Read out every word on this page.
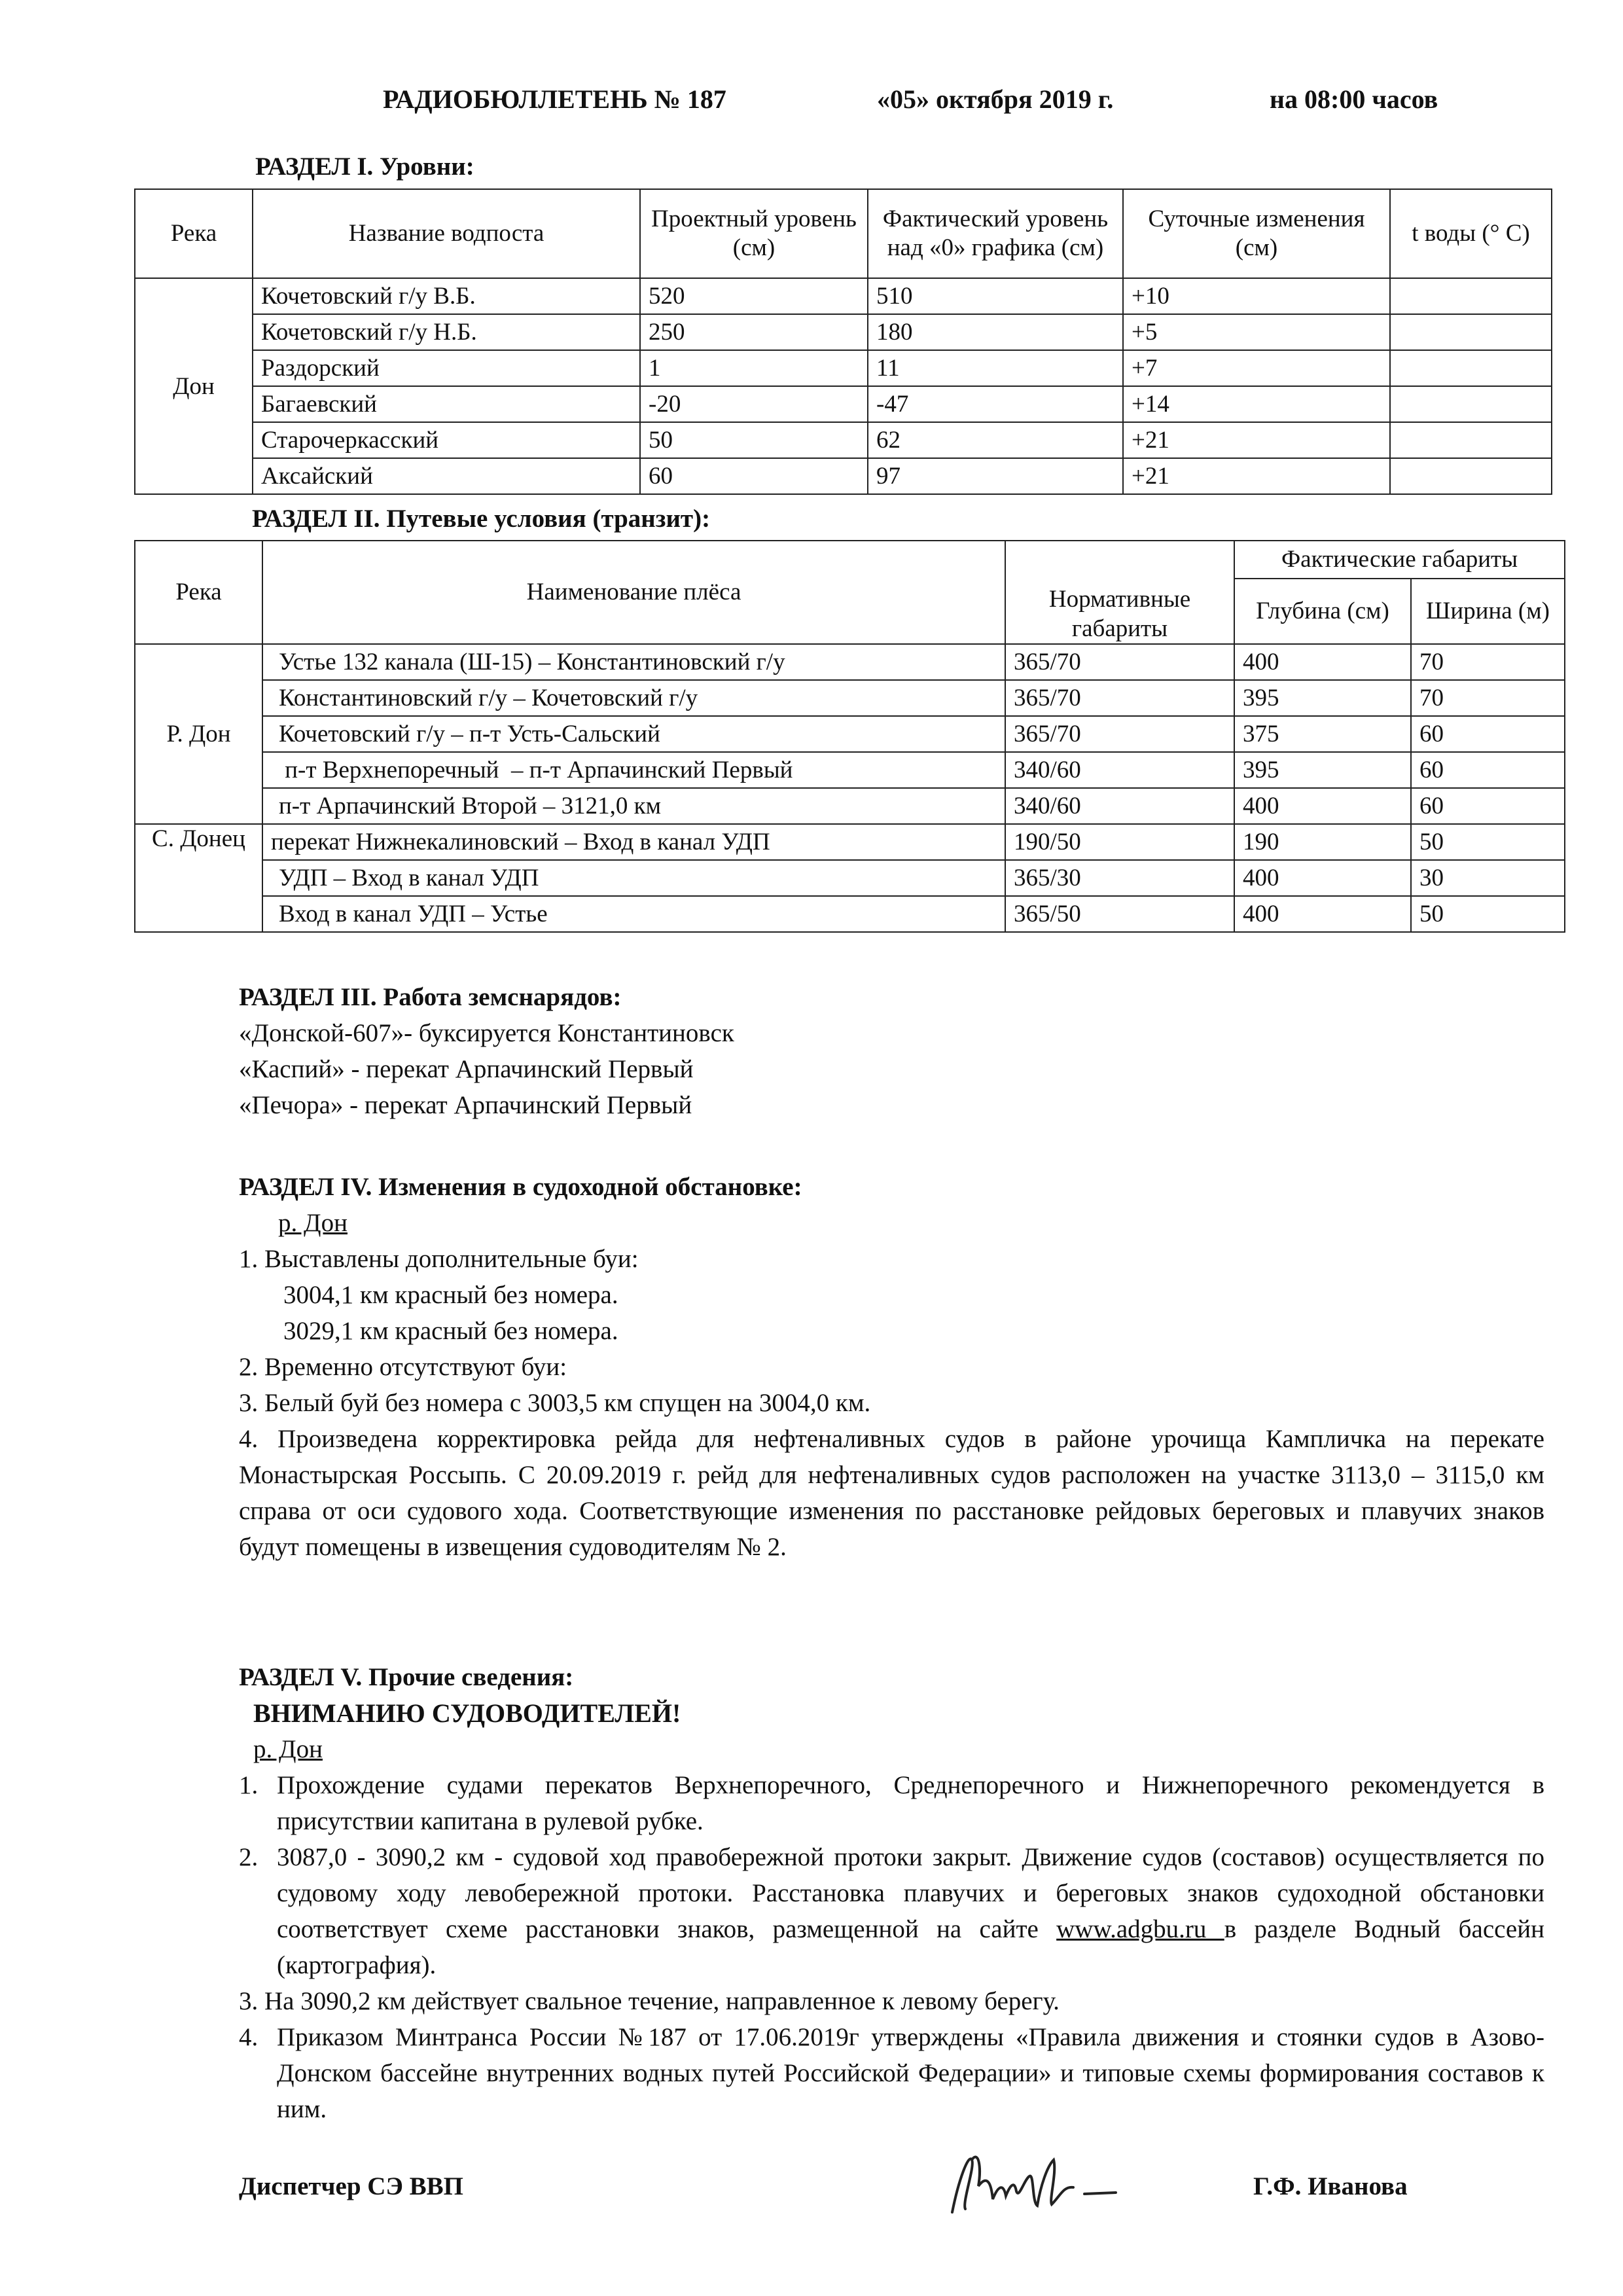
РАДИОБЮЛЛЕТЕНЬ № 187	«05» октября 2019 г.	на 08:00 часов
РАЗДЕЛ I. Уровни:
Река	Название водпоста	Проектный уровень (см)	Фактический уровень над «0» графика (см)	Суточные изменения (см)	t воды (° C)
Дон	Кочетовский г/у В.Б.	520	510	+10	
	Кочетовский г/у Н.Б.	250	180	+5	
	Раздорский	1	11	+7	
	Багаевский	-20	-47	+14	
	Старочеркасский	50	62	+21	
	Аксайский	60	97	+21	
РАЗДЕЛ II. Путевые условия (транзит):
Река	Наименование плёса	Нормативные габариты	Фактические габариты	
			Глубина (см)	Ширина (м)
Р. Дон	Устье 132 канала (Ш-15) – Константиновский г/у	365/70	400	70
	Константиновский г/у – Кочетовский г/у	365/70	395	70
	Кочетовский г/у – п-т Усть-Сальский	365/70	375	60
	п-т Верхнепоречный  – п-т Арпачинский Первый	340/60	395	60
	п-т Арпачинский Второй – 3121,0 км	340/60	400	60
С. Донец	перекат Нижнекалиновский – Вход в канал УДП	190/50	190	50
	УДП – Вход в канал УДП	365/30	400	30
	Вход в канал УДП – Устье	365/50	400	50
РАЗДЕЛ III. Работа земснарядов:
«Донской-607»- буксируется Константиновск
«Каспий» - перекат Арпачинский Первый
«Печора» - перекат Арпачинский Первый
РАЗДЕЛ IV. Изменения в судоходной обстановке:
р. Дон
1. Выставлены дополнительные буи:
3004,1 км красный без номера.
3029,1 км красный без номера.
2. Временно отсутствуют буи:
3. Белый буй без номера с 3003,5 км спущен на 3004,0 км.
4. Произведена корректировка рейда для нефтеналивных судов в районе урочища Кампличка на перекате Монастырская Россыпь. С 20.09.2019 г. рейд для нефтеналивных судов расположен на участке 3113,0 – 3115,0 км справа от оси судового хода. Соответствующие изменения по расстановке рейдовых береговых и плавучих знаков будут помещены в извещения судоводителям № 2.
РАЗДЕЛ V. Прочие сведения:
ВНИМАНИЮ СУДОВОДИТЕЛЕЙ!
р. Дон
1. Прохождение судами перекатов Верхнепоречного, Среднепоречного и Нижнепоречного рекомендуется в присутствии капитана в рулевой рубке.
2. 3087,0 - 3090,2 км - судовой ход правобережной протоки закрыт. Движение судов (составов) осуществляется по судовому ходу левобережной протоки. Расстановка плавучих и береговых знаков судоходной обстановки соответствует схеме расстановки знаков, размещенной на сайте www.adgbu.ru в разделе Водный бассейн (картография).
3. На 3090,2 км действует свальное течение, направленное к левому берегу.
4. Приказом Минтранса России №187 от 17.06.2019г утверждены «Правила движения и стоянки судов в Азово-Донском бассейне внутренних водных путей Российской Федерации» и типовые схемы формирования составов к ним.
Диспетчер СЭ ВВП	Г.Ф. Иванова
